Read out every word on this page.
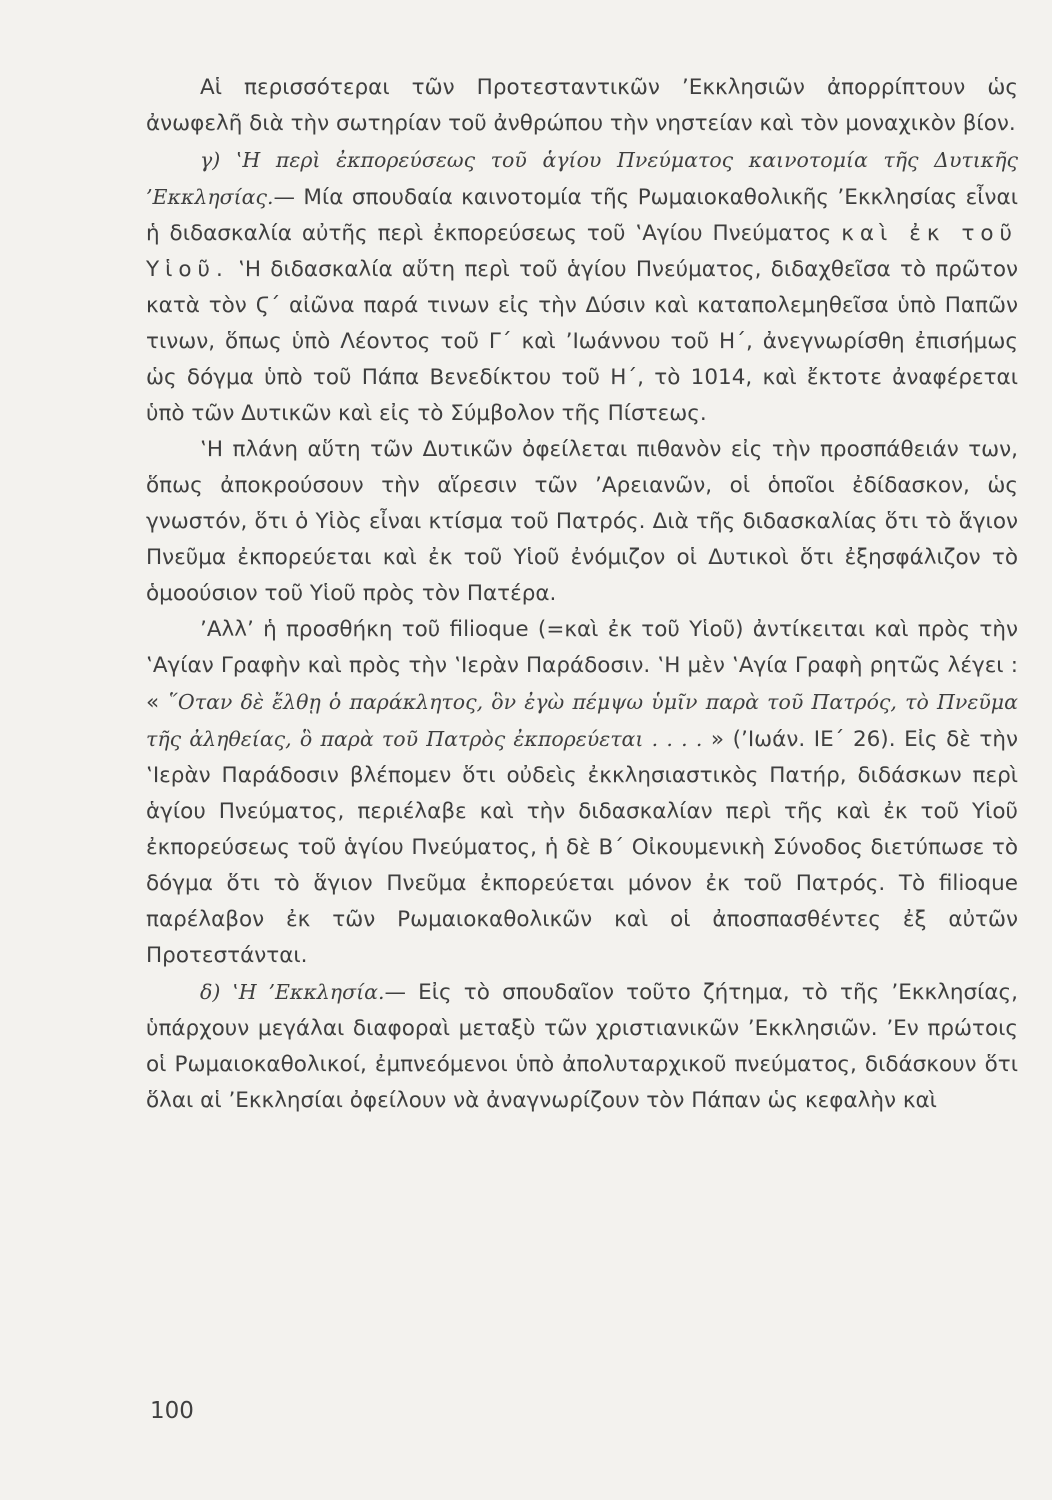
Αἱ περισσότεραι τῶν Προτεσταντικῶν ’Εκκλησιῶν ἀπορρίπτουν ὡς ἀνωφελῆ διὰ τὴν σωτηρίαν τοῦ ἀνθρώπου τὴν νηστείαν καὶ τὸν μοναχικὸν βίον.

γ) ‛Η περὶ ἐκπορεύσεως τοῦ ἁγίου Πνεύματος καινοτομία τῆς Δυτικῆς ’Εκκλησίας.— Μία σπουδαία καινοτομία τῆς Ρωμαιοκαθολικῆς ’Εκκλησίας εἶναι ἡ διδασκαλία αὐτῆς περὶ ἐκπορεύσεως τοῦ ‛Αγίου Πνεύματος καὶ ἐκ τοῦ Υἱοῦ. ‛Η διδασκαλία αὕτη περὶ τοῦ ἁγίου Πνεύματος, διδαχθεῖσα τὸ πρῶτον κατὰ τὸν Ϛ΄ αἰῶνα παρά τινων εἰς τὴν Δύσιν καὶ καταπολεμηθεῖσα ὑπὸ Παπῶν τινων, ὅπως ὑπὸ Λέοντος τοῦ Γ΄ καὶ ’Ιωάννου τοῦ Η΄, ἀνεγνωρίσθη ἐπισήμως ὡς δόγμα ὑπὸ τοῦ Πάπα Βενεδίκτου τοῦ Η΄, τὸ 1014, καὶ ἔκτοτε ἀναφέρεται ὑπὸ τῶν Δυτικῶν καὶ εἰς τὸ Σύμβολον τῆς Πίστεως.

‛Η πλάνη αὕτη τῶν Δυτικῶν ὀφείλεται πιθανὸν εἰς τὴν προσπάθειάν των, ὅπως ἀποκρούσουν τὴν αἵρεσιν τῶν ’Αρειανῶν, οἱ ὁποῖοι ἐδίδασκον, ὡς γνωστόν, ὅτι ὁ Υἱὸς εἶναι κτίσμα τοῦ Πατρός. Διὰ τῆς διδασκαλίας ὅτι τὸ ἅγιον Πνεῦμα ἐκπορεύεται καὶ ἐκ τοῦ Υἱοῦ ἐνόμιζον οἱ Δυτικοὶ ὅτι ἐξησφάλιζον τὸ ὁμοούσιον τοῦ Υἱοῦ πρὸς τὸν Πατέρα.

’Αλλ’ ἡ προσθήκη τοῦ filioque (=καὶ ἐκ τοῦ Υἱοῦ) ἀντίκειται καὶ πρὸς τὴν ‛Αγίαν Γραφὴν καὶ πρὸς τὴν ‛Ιερὰν Παράδοσιν. ‛Η μὲν ‛Αγία Γραφὴ ρητῶς λέγει : « ῞Οταν δὲ ἔλθῃ ὁ παράκλητος, ὃν ἐγὼ πέμψω ὑμῖν παρὰ τοῦ Πατρός, τὸ Πνεῦμα τῆς ἀληθείας, ὃ παρὰ τοῦ Πατρὸς ἐκπορεύεται . . . . » (’Ιωάν. ΙΕ΄ 26). Εἰς δὲ τὴν ‛Ιερὰν Παράδοσιν βλέπομεν ὅτι οὐδεὶς ἐκκλησιαστικὸς Πατήρ, διδάσκων περὶ ἁγίου Πνεύματος, περιέλαβε καὶ τὴν διδασκαλίαν περὶ τῆς καὶ ἐκ τοῦ Υἱοῦ ἐκπορεύσεως τοῦ ἁγίου Πνεύματος, ἡ δὲ Β΄ Οἰκουμενικὴ Σύνοδος διετύπωσε τὸ δόγμα ὅτι τὸ ἅγιον Πνεῦμα ἐκπορεύεται μόνον ἐκ τοῦ Πατρός. Τὸ filioque παρέλαβον ἐκ τῶν Ρωμαιοκαθολικῶν καὶ οἱ ἀποσπασθέντες ἐξ αὐτῶν Προτεστάνται.

δ) ‛Η ’Εκκλησία.— Εἰς τὸ σπουδαῖον τοῦτο ζήτημα, τὸ τῆς ’Εκκλησίας, ὑπάρχουν μεγάλαι διαφοραὶ μεταξὺ τῶν χριστιανικῶν ’Εκκλησιῶν. ’Εν πρώτοις οἱ Ρωμαιοκαθολικοί, ἐμπνεόμενοι ὑπὸ ἀπολυταρχικοῦ πνεύματος, διδάσκουν ὅτι ὅλαι αἱ ’Εκκλησίαι ὀφείλουν νὰ ἀναγνωρίζουν τὸν Πάπαν ὡς κεφαλὴν καὶ

100
